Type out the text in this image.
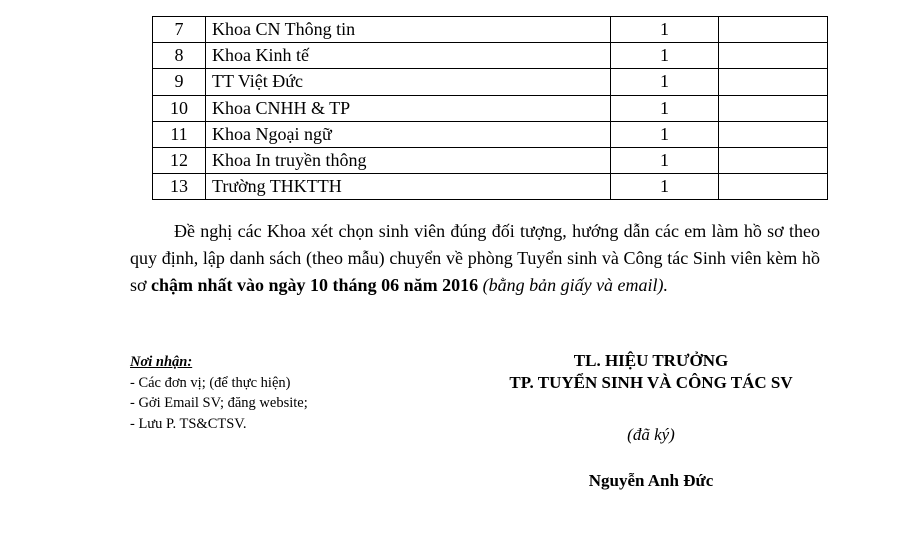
7	Khoa CN Thông tin	1	
8	Khoa Kinh tế	1	
9	TT Việt Đức	1	
10	Khoa CNHH & TP	1	
11	Khoa Ngoại ngữ	1	
12	Khoa In truyền thông	1	
13	Trường THKTTH	1	

Đề nghị các Khoa xét chọn sinh viên đúng đối tượng, hướng dẫn các em làm hồ sơ theo quy định, lập danh sách (theo mẫu) chuyển về phòng Tuyển sinh và Công tác Sinh viên kèm hồ sơ chậm nhất vào ngày 10 tháng 06 năm 2016 (bằng bản giấy và email).

Nơi nhận:
- Các đơn vị; (để thực hiện)
- Gởi Email SV; đăng website;
- Lưu P. TS&CTSV.
TL. HIỆU TRƯỞNG
TP. TUYỂN SINH VÀ CÔNG TÁC SV
(đã ký)
Nguyễn Anh Đức
